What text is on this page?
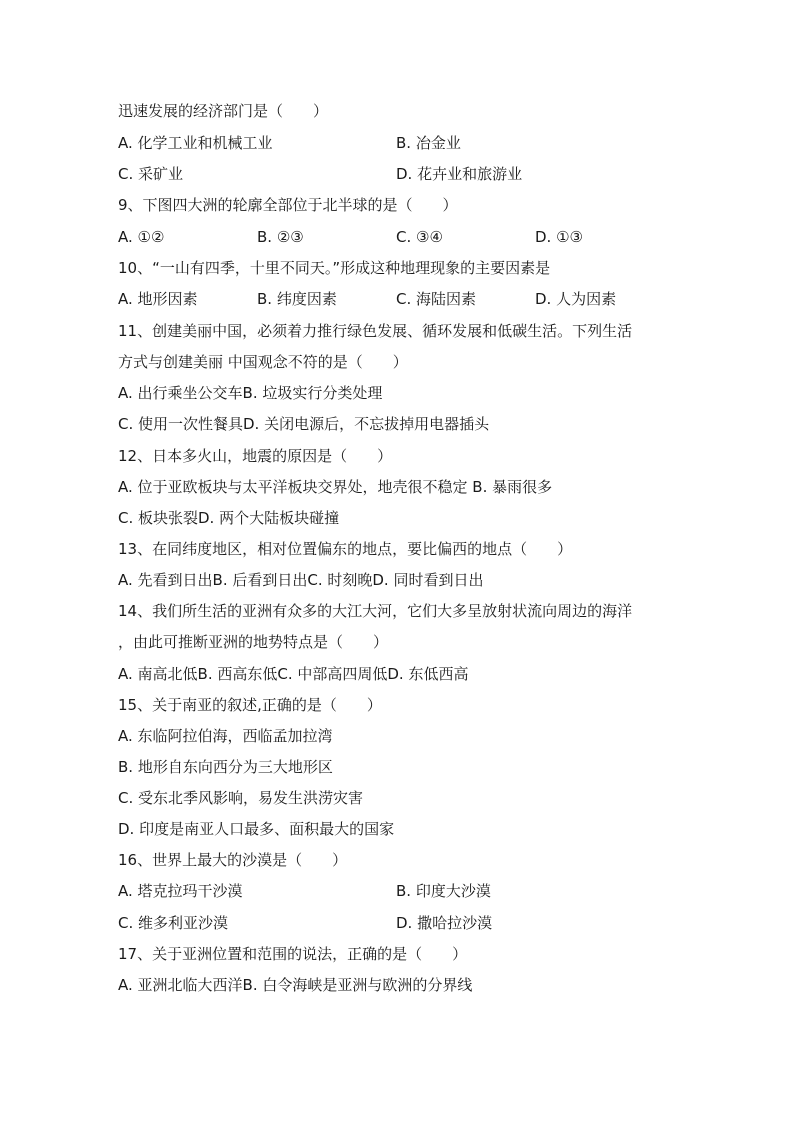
迅速发展的经济部门是（　　）
A. 化学工业和机械工业	B. 冶金业
C. 采矿业	D. 花卉业和旅游业
9、下图四大洲的轮廓全部位于北半球的是（　　）
A. ①②	B. ②③	C. ③④	D. ①③
10、“一山有四季，十里不同天。”形成这种地理现象的主要因素是
A. 地形因素	B. 纬度因素	C. 海陆因素	D. 人为因素
11、创建美丽中国，必须着力推行绿色发展、循环发展和低碳生活。下列生活
方式与创建美丽 中国观念不符的是（　　）
A. 出行乘坐公交车B. 垃圾实行分类处理
C. 使用一次性餐具D. 关闭电源后，不忘拔掉用电器插头
12、日本多火山，地震的原因是（　　）
A. 位于亚欧板块与太平洋板块交界处，地壳很不稳定 B. 暴雨很多
C. 板块张裂D. 两个大陆板块碰撞
13、在同纬度地区，相对位置偏东的地点，要比偏西的地点（　　）
A. 先看到日出B. 后看到日出C. 时刻晚D. 同时看到日出
14、我们所生活的亚洲有众多的大江大河，它们大多呈放射状流向周边的海洋
，由此可推断亚洲的地势特点是（　　）
A. 南高北低B. 西高东低C. 中部高四周低D. 东低西高
15、关于南亚的叙述,正确的是（　　）
A. 东临阿拉伯海，西临孟加拉湾
B. 地形自东向西分为三大地形区
C. 受东北季风影响，易发生洪涝灾害
D. 印度是南亚人口最多、面积最大的国家
16、世界上最大的沙漠是（　　）
A. 塔克拉玛干沙漠	B. 印度大沙漠
C. 维多利亚沙漠	D. 撒哈拉沙漠
17、关于亚洲位置和范围的说法，正确的是（　　）
A. 亚洲北临大西洋B. 白令海峡是亚洲与欧洲的分界线
